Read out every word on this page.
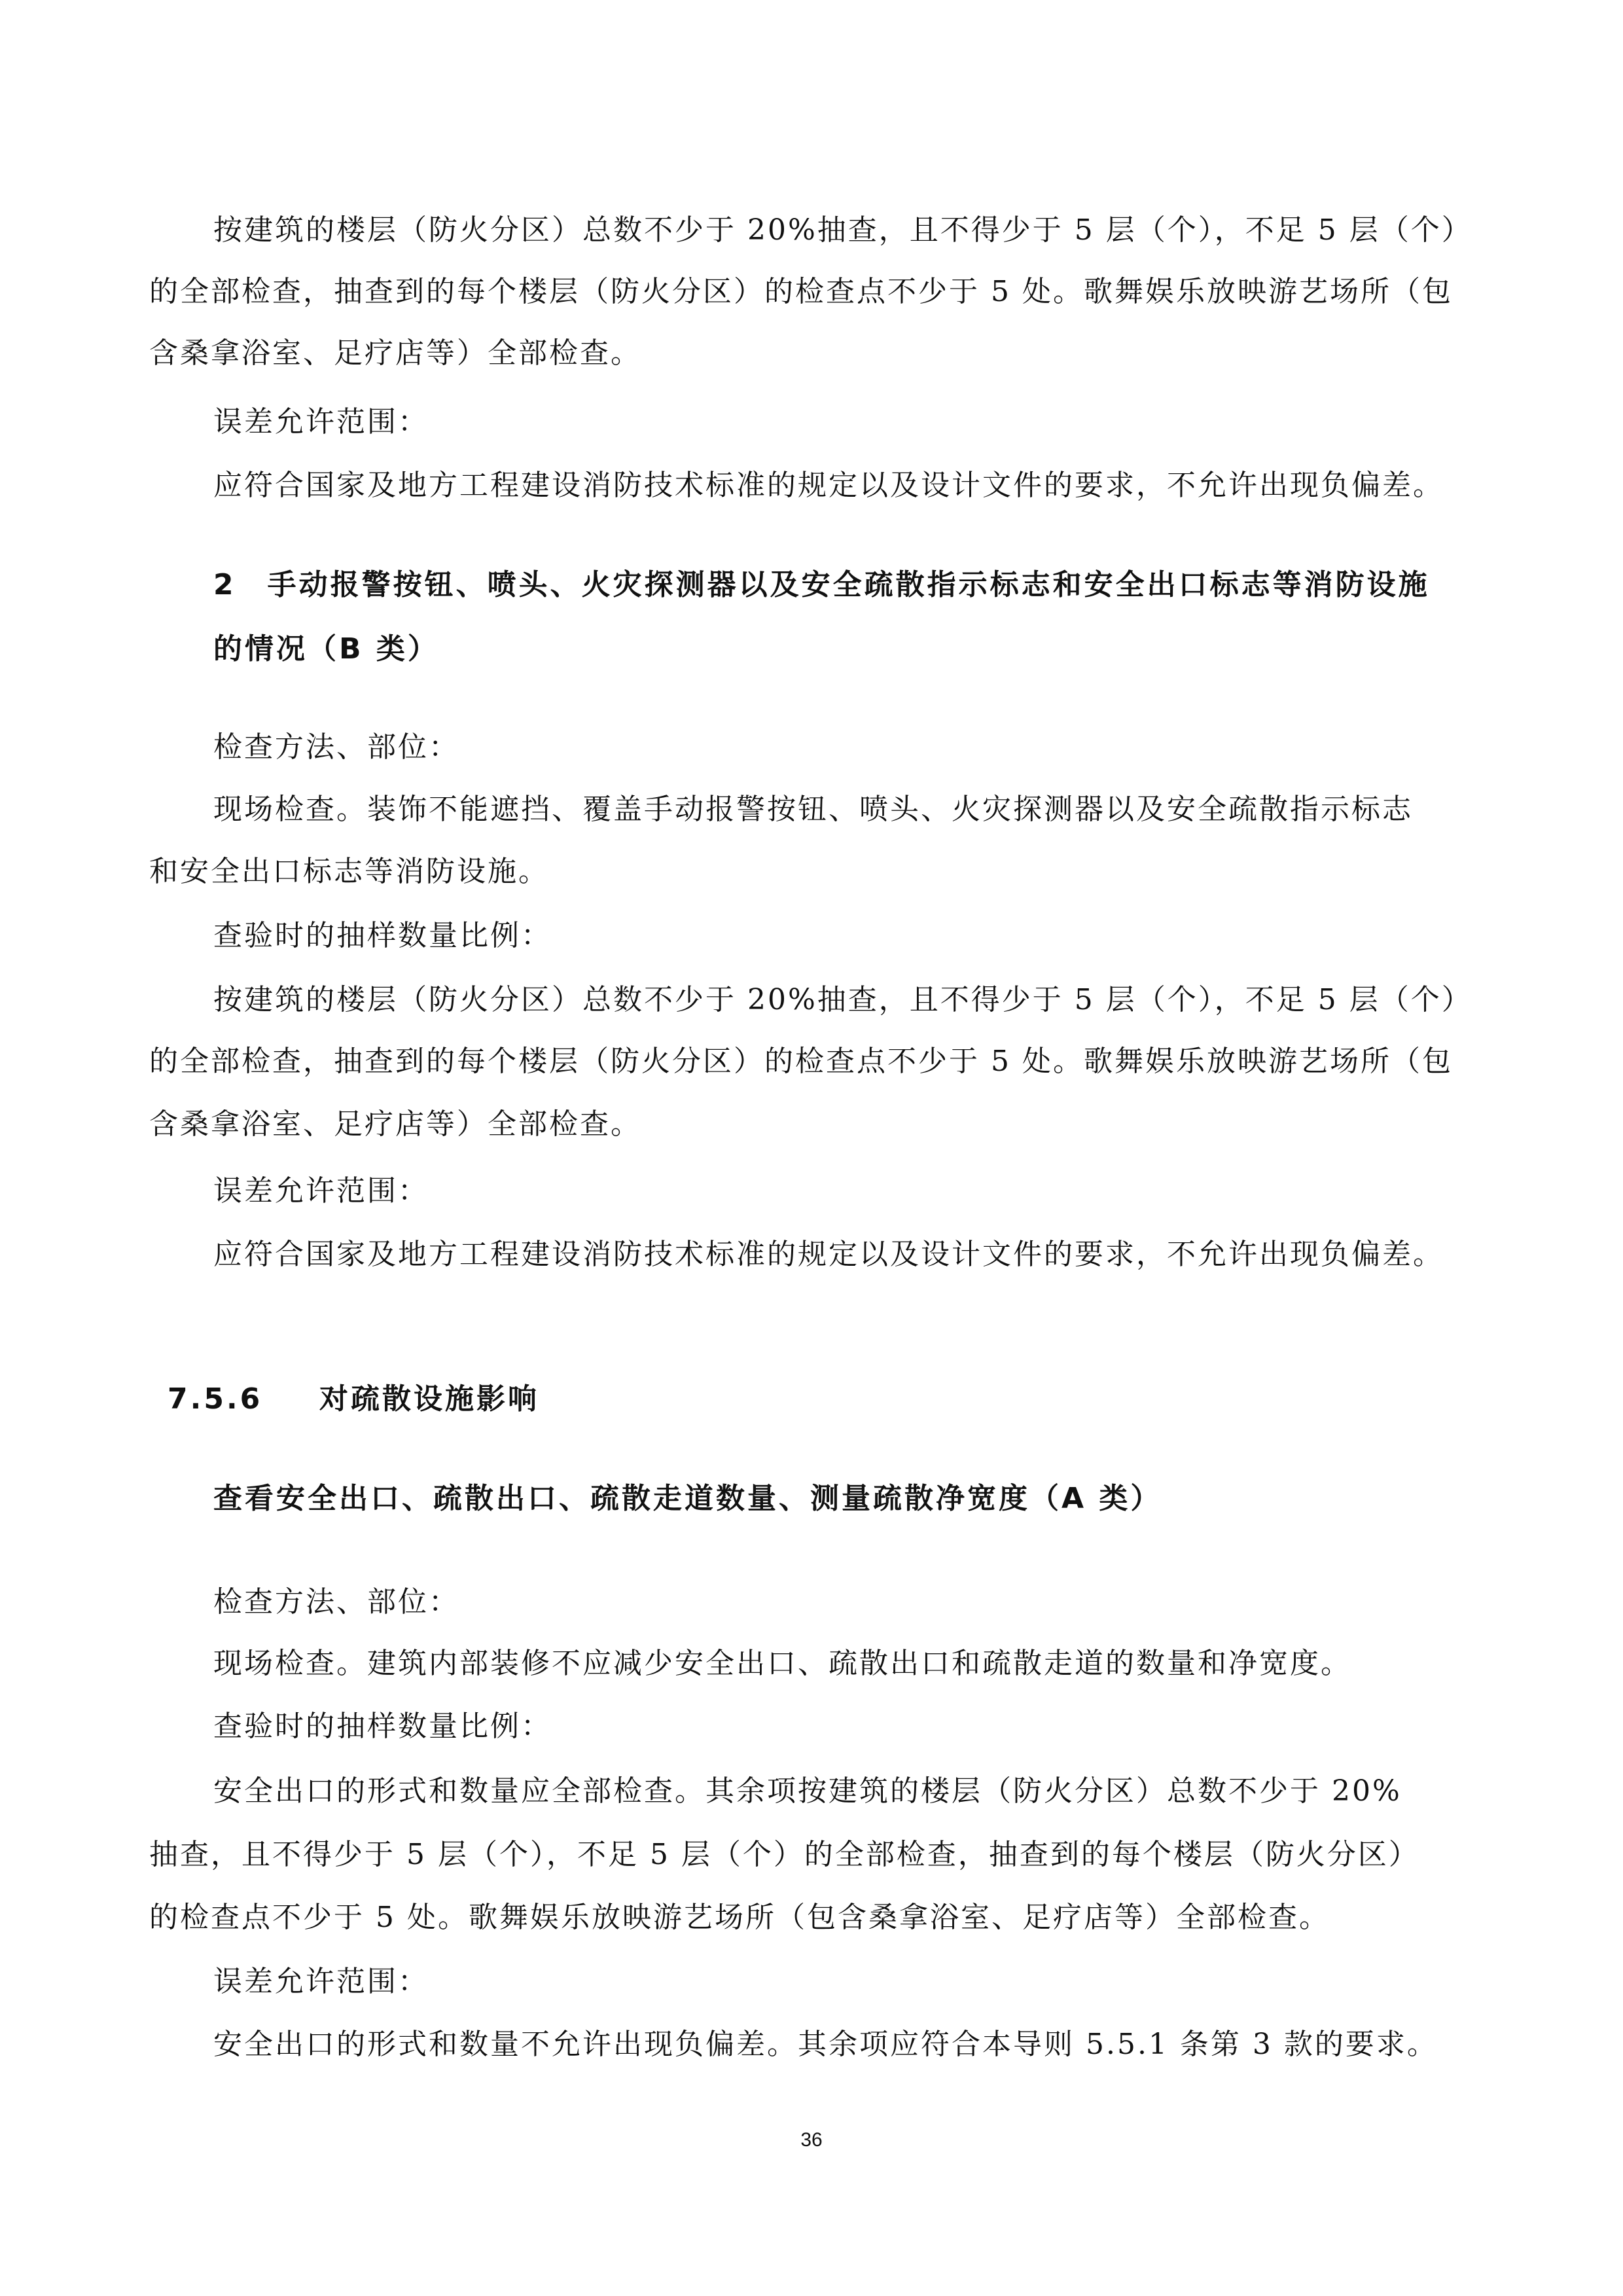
按建筑的楼层（防火分区）总数不少于 20%抽查，且不得少于 5 层（个），不足 5 层（个）
的全部检查，抽查到的每个楼层（防火分区）的检查点不少于 5 处。歌舞娱乐放映游艺场所（包
含桑拿浴室、足疗店等）全部检查。
误差允许范围：
应符合国家及地方工程建设消防技术标准的规定以及设计文件的要求，不允许出现负偏差。
2　手动报警按钮、喷头、火灾探测器以及安全疏散指示标志和安全出口标志等消防设施
的情况（B 类）
检查方法、部位：
现场检查。装饰不能遮挡、覆盖手动报警按钮、喷头、火灾探测器以及安全疏散指示标志
和安全出口标志等消防设施。
查验时的抽样数量比例：
按建筑的楼层（防火分区）总数不少于 20%抽查，且不得少于 5 层（个），不足 5 层（个）
的全部检查，抽查到的每个楼层（防火分区）的检查点不少于 5 处。歌舞娱乐放映游艺场所（包
含桑拿浴室、足疗店等）全部检查。
误差允许范围：
应符合国家及地方工程建设消防技术标准的规定以及设计文件的要求，不允许出现负偏差。
7.5.6 对疏散设施影响
查看安全出口、疏散出口、疏散走道数量、测量疏散净宽度（A 类）
检查方法、部位：
现场检查。建筑内部装修不应减少安全出口、疏散出口和疏散走道的数量和净宽度。
查验时的抽样数量比例：
安全出口的形式和数量应全部检查。其余项按建筑的楼层（防火分区）总数不少于 20%
抽查，且不得少于 5 层（个），不足 5 层（个）的全部检查，抽查到的每个楼层（防火分区）
的检查点不少于 5 处。歌舞娱乐放映游艺场所（包含桑拿浴室、足疗店等）全部检查。
误差允许范围：
安全出口的形式和数量不允许出现负偏差。其余项应符合本导则 5.5.1 条第 3 款的要求。
36
